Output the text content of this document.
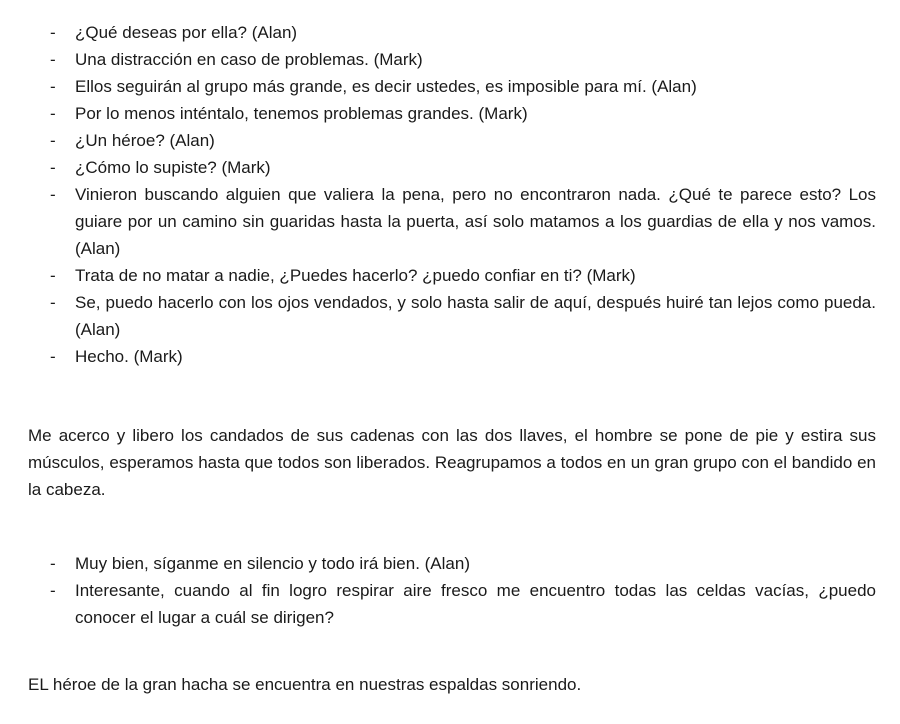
- ¿Qué deseas por ella? (Alan)
- Una distracción en caso de problemas. (Mark)
- Ellos seguirán al grupo más grande, es decir ustedes, es imposible para mí. (Alan)
- Por lo menos inténtalo, tenemos problemas grandes. (Mark)
- ¿Un héroe? (Alan)
- ¿Cómo lo supiste? (Mark)
- Vinieron buscando alguien que valiera la pena, pero no encontraron nada. ¿Qué te parece esto? Los guiare por un camino sin guaridas hasta la puerta, así solo matamos a los guardias de ella y nos vamos. (Alan)
- Trata de no matar a nadie, ¿Puedes hacerlo? ¿puedo confiar en ti? (Mark)
- Se, puedo hacerlo con los ojos vendados, y solo hasta salir de aquí, después huiré tan lejos como pueda. (Alan)
- Hecho. (Mark)

Me acerco y libero los candados de sus cadenas con las dos llaves, el hombre se pone de pie y estira sus músculos, esperamos hasta que todos son liberados. Reagrupamos a todos en un gran grupo con el bandido en la cabeza.

- Muy bien, síganme en silencio y todo irá bien. (Alan)
- Interesante, cuando al fin logro respirar aire fresco me encuentro todas las celdas vacías, ¿puedo conocer el lugar a cuál se dirigen?

EL héroe de la gran hacha se encuentra en nuestras espaldas sonriendo.
